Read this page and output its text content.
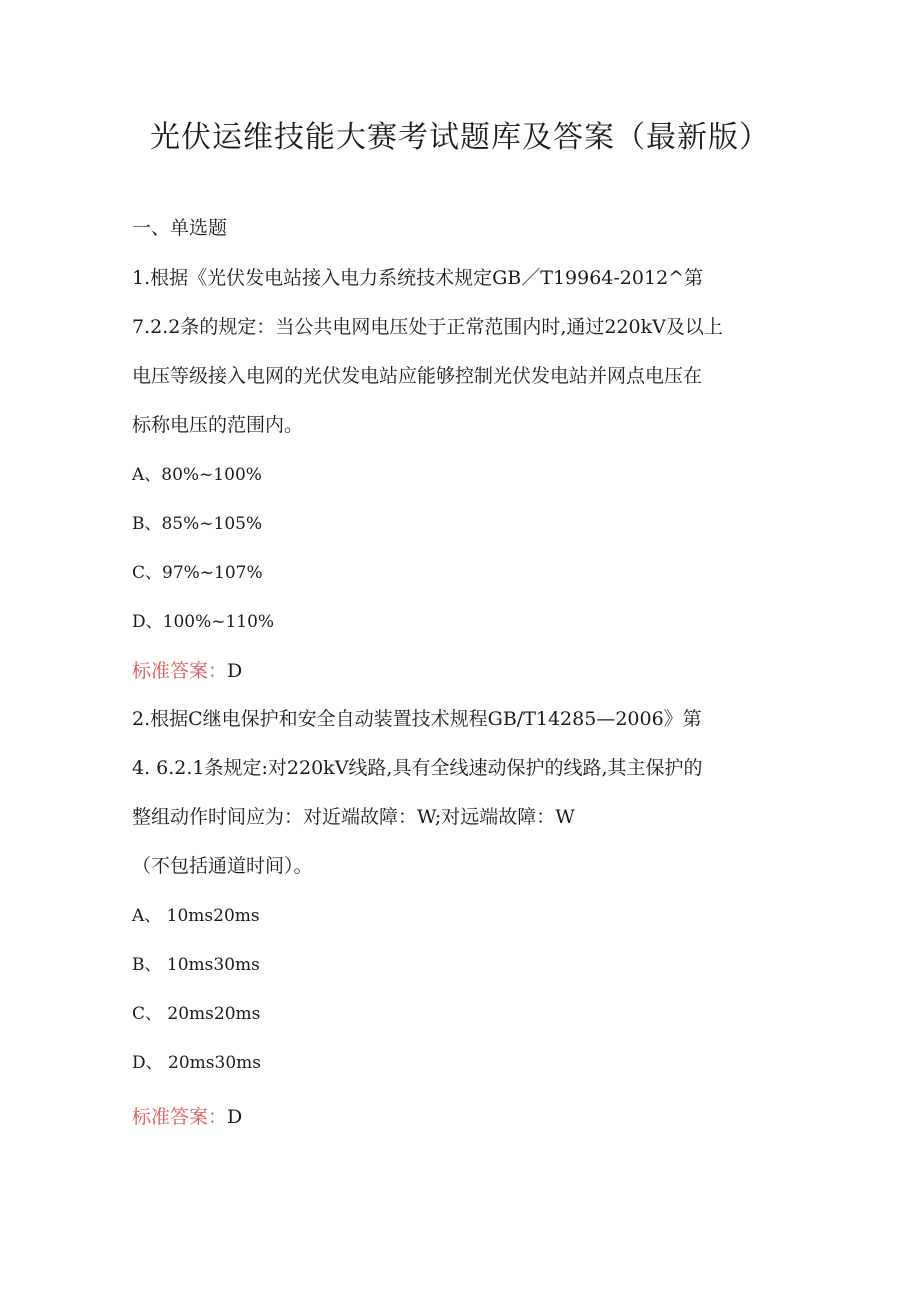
光伏运维技能大赛考试题库及答案（最新版）
一、单选题
1.根据《光伏发电站接入电力系统技术规定GB／T19964-2012^第
7.2.2条的规定：当公共电网电压处于正常范围内时,通过220kV及以上
电压等级接入电网的光伏发电站应能够控制光伏发电站并网点电压在
标称电压的范围内。
A、80%~100%
B、85%~105%
C、97%~107%
D、100%~110%
标准答案：D
2.根据C继电保护和安全自动装置技术规程GB/T14285—2006》第
4. 6.2.1条规定:对220kV线路,具有全线速动保护的线路,其主保护的
整组动作时间应为：对近端故障：W;对远端故障：W
（不包括通道时间）。
A、 10ms20ms
B、 10ms30ms
C、 20ms20ms
D、 20ms30ms
标准答案：D
